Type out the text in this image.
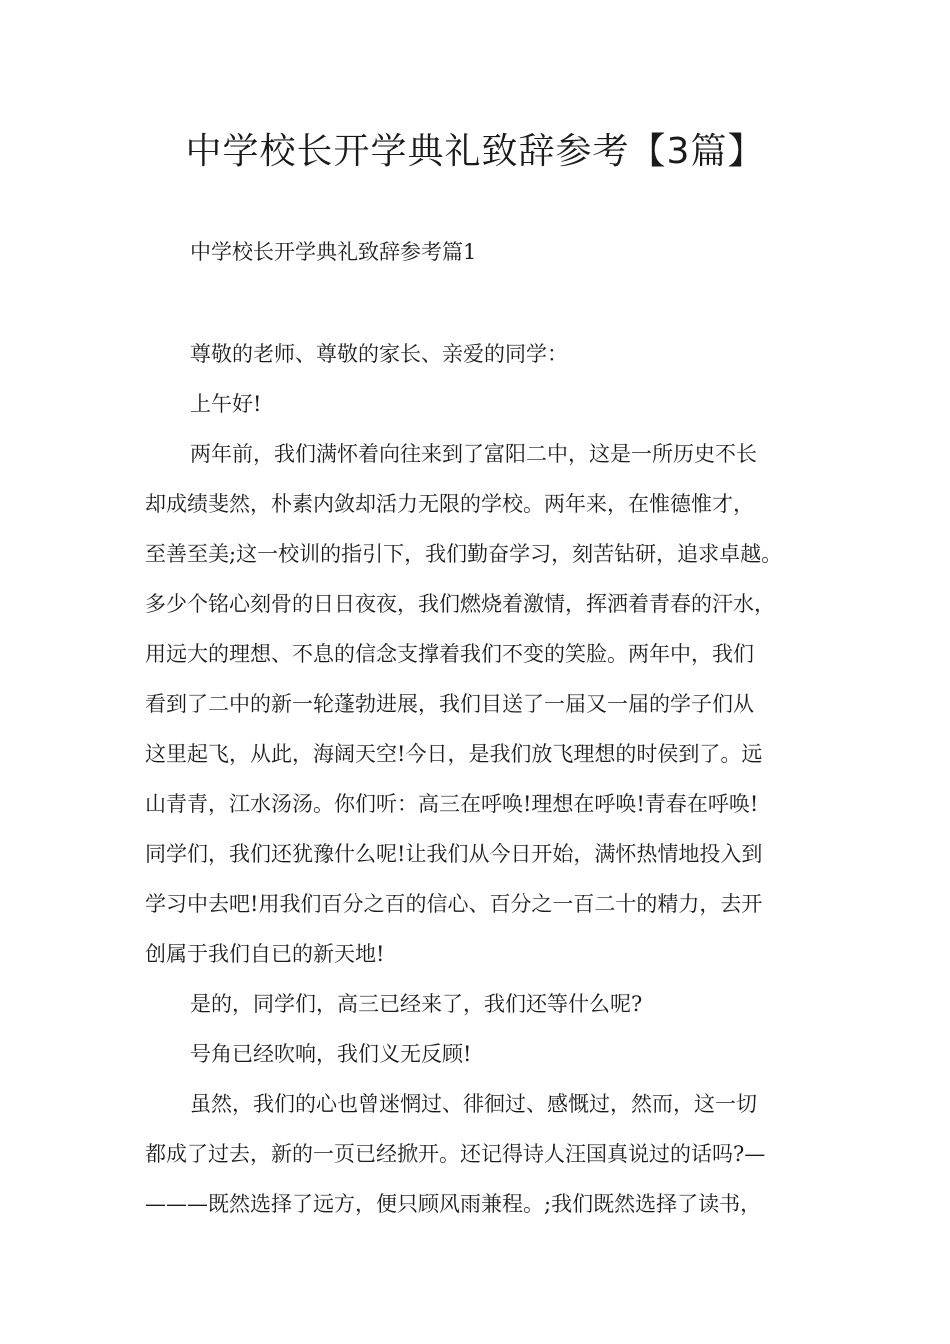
中学校长开学典礼致辞参考【3篇】
中学校长开学典礼致辞参考篇1

尊敬的老师、尊敬的家长、亲爱的同学：

上午好!

两年前，我们满怀着向往来到了富阳二中，这是一所历史不长
却成绩斐然，朴素内敛却活力无限的学校。两年来，在惟德惟才，
至善至美;这一校训的指引下，我们勤奋学习，刻苦钻研，追求卓越。
多少个铭心刻骨的日日夜夜，我们燃烧着激情，挥洒着青春的汗水，
用远大的理想、不息的信念支撑着我们不变的笑脸。两年中，我们
看到了二中的新一轮蓬勃进展，我们目送了一届又一届的学子们从
这里起飞，从此，海阔天空!今日，是我们放飞理想的时侯到了。远
山青青，江水汤汤。你们听：高三在呼唤!理想在呼唤!青春在呼唤!
同学们，我们还犹豫什么呢!让我们从今日开始，满怀热情地投入到
学习中去吧!用我们百分之百的信心、百分之一百二十的精力，去开
创属于我们自已的新天地!

是的，同学们，高三已经来了，我们还等什么呢?

号角已经吹响，我们义无反顾!

虽然，我们的心也曾迷惘过、徘徊过、感慨过，然而，这一切
都成了过去，新的一页已经掀开。还记得诗人汪国真说过的话吗?—
———既然选择了远方，便只顾风雨兼程。;我们既然选择了读书，
